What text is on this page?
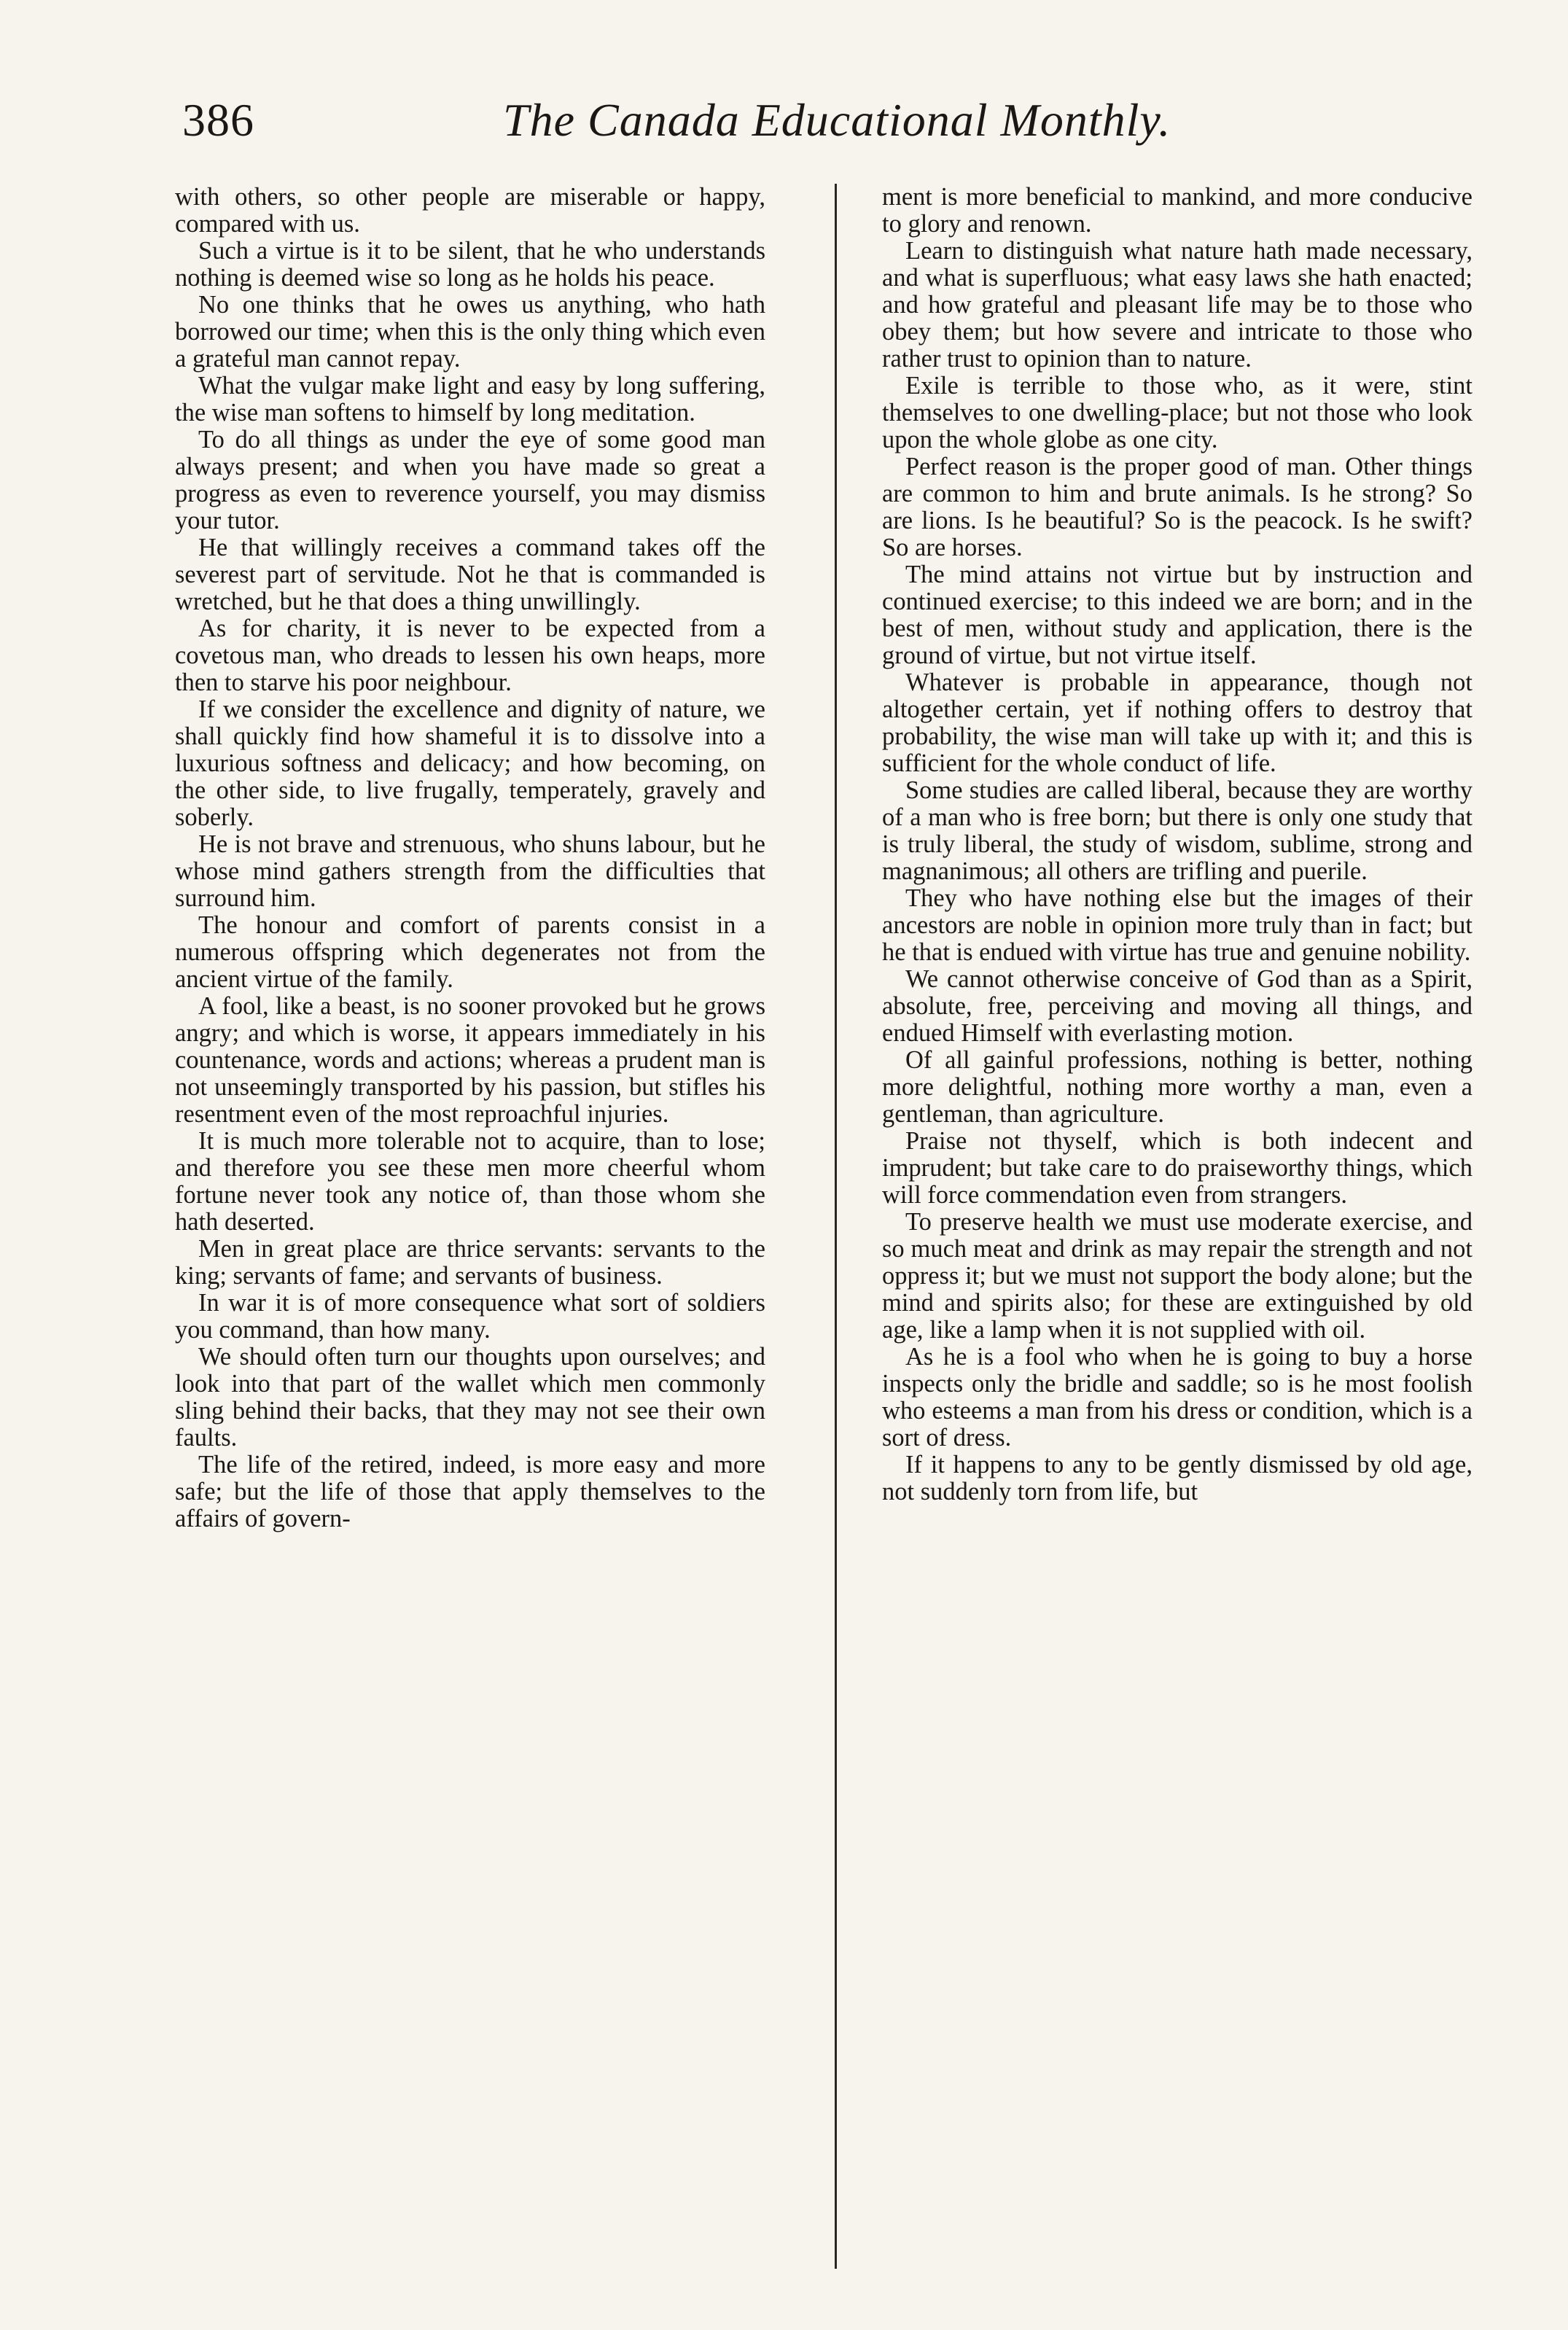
386	The Canada Educational Monthly.

with others, so other people are miserable or happy, compared with us.

Such a virtue is it to be silent, that he who understands nothing is deemed wise so long as he holds his peace.

No one thinks that he owes us anything, who hath borrowed our time; when this is the only thing which even a grateful man cannot repay.

What the vulgar make light and easy by long suffering, the wise man softens to himself by long meditation.

To do all things as under the eye of some good man always present; and when you have made so great a progress as even to reverence yourself, you may dismiss your tutor.

He that willingly receives a command takes off the severest part of servitude. Not he that is commanded is wretched, but he that does a thing unwillingly.

As for charity, it is never to be expected from a covetous man, who dreads to lessen his own heaps, more then to starve his poor neighbour.

If we consider the excellence and dignity of nature, we shall quickly find how shameful it is to dissolve into a luxurious softness and delicacy; and how becoming, on the other side, to live frugally, temperately, gravely and soberly.

He is not brave and strenuous, who shuns labour, but he whose mind gathers strength from the difficulties that surround him.

The honour and comfort of parents consist in a numerous offspring which degenerates not from the ancient virtue of the family.

A fool, like a beast, is no sooner provoked but he grows angry; and which is worse, it appears immediately in his countenance, words and actions; whereas a prudent man is not unseemingly transported by his passion, but stifles his resentment even of the most reproachful injuries.

It is much more tolerable not to acquire, than to lose; and therefore you see these men more cheerful whom fortune never took any notice of, than those whom she hath deserted.

Men in great place are thrice servants: servants to the king; servants of fame; and servants of business.

In war it is of more consequence what sort of soldiers you command, than how many.

We should often turn our thoughts upon ourselves; and look into that part of the wallet which men commonly sling behind their backs, that they may not see their own faults.

The life of the retired, indeed, is more easy and more safe; but the life of those that apply themselves to the affairs of govern-

ment is more beneficial to mankind, and more conducive to glory and renown.

Learn to distinguish what nature hath made necessary, and what is superfluous; what easy laws she hath enacted; and how grateful and pleasant life may be to those who obey them; but how severe and intricate to those who rather trust to opinion than to nature.

Exile is terrible to those who, as it were, stint themselves to one dwelling-place; but not those who look upon the whole globe as one city.

Perfect reason is the proper good of man. Other things are common to him and brute animals. Is he strong? So are lions. Is he beautiful? So is the peacock. Is he swift? So are horses.

The mind attains not virtue but by instruction and continued exercise; to this indeed we are born; and in the best of men, without study and application, there is the ground of virtue, but not virtue itself.

Whatever is probable in appearance, though not altogether certain, yet if nothing offers to destroy that probability, the wise man will take up with it; and this is sufficient for the whole conduct of life.

Some studies are called liberal, because they are worthy of a man who is free born; but there is only one study that is truly liberal, the study of wisdom, sublime, strong and magnanimous; all others are trifling and puerile.

They who have nothing else but the images of their ancestors are noble in opinion more truly than in fact; but he that is endued with virtue has true and genuine nobility.

We cannot otherwise conceive of God than as a Spirit, absolute, free, perceiving and moving all things, and endued Himself with everlasting motion.

Of all gainful professions, nothing is better, nothing more delightful, nothing more worthy a man, even a gentleman, than agriculture.

Praise not thyself, which is both indecent and imprudent; but take care to do praiseworthy things, which will force commendation even from strangers.

To preserve health we must use moderate exercise, and so much meat and drink as may repair the strength and not oppress it; but we must not support the body alone; but the mind and spirits also; for these are extinguished by old age, like a lamp when it is not supplied with oil.

As he is a fool who when he is going to buy a horse inspects only the bridle and saddle; so is he most foolish who esteems a man from his dress or condition, which is a sort of dress.

If it happens to any to be gently dismissed by old age, not suddenly torn from life, but
